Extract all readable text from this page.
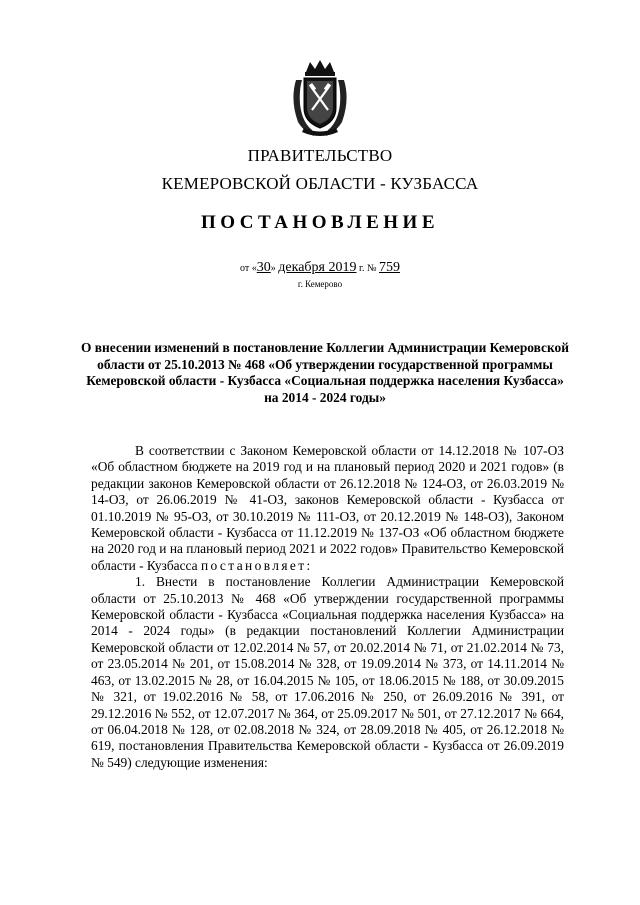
ПРАВИТЕЛЬСТВО
КЕМЕРОВСКОЙ ОБЛАСТИ - КУЗБАССА
ПОСТАНОВЛЕНИЕ
от «30» декабря 2019 г. № 759
г. Кемерово
О внесении изменений в постановление Коллегии Администрации Кемеровской области от 25.10.2013 № 468 «Об утверждении государственной программы Кемеровской области - Кузбасса «Социальная поддержка населения Кузбасса» на 2014 - 2024 годы»

В соответствии с Законом Кемеровской области от 14.12.2018 № 107-ОЗ «Об областном бюджете на 2019 год и на плановый период 2020 и 2021 годов» (в редакции законов Кемеровской области от 26.12.2018 № 124-ОЗ, от 26.03.2019 № 14-ОЗ, от 26.06.2019 № 41-ОЗ, законов Кемеровской области - Кузбасса от 01.10.2019 № 95-ОЗ, от 30.10.2019 № 111-ОЗ, от 20.12.2019 № 148-ОЗ), Законом Кемеровской области - Кузбасса от 11.12.2019 № 137-ОЗ «Об областном бюджете на 2020 год и на плановый период 2021 и 2022 годов» Правительство Кемеровской области - Кузбасса постановляет:

1. Внести в постановление Коллегии Администрации Кемеровской области от 25.10.2013 № 468 «Об утверждении государственной программы Кемеровской области - Кузбасса «Социальная поддержка населения Кузбасса» на 2014 - 2024 годы» (в редакции постановлений Коллегии Администрации Кемеровской области от 12.02.2014 № 57, от 20.02.2014 № 71, от 21.02.2014 № 73, от 23.05.2014 № 201, от 15.08.2014 № 328, от 19.09.2014 № 373, от 14.11.2014 № 463, от 13.02.2015 № 28, от 16.04.2015 № 105, от 18.06.2015 № 188, от 30.09.2015 № 321, от 19.02.2016 № 58, от 17.06.2016 № 250, от 26.09.2016 № 391, от 29.12.2016 № 552, от 12.07.2017 № 364, от 25.09.2017 № 501, от 27.12.2017 № 664, от 06.04.2018 № 128, от 02.08.2018 № 324, от 28.09.2018 № 405, от 26.12.2018 № 619, постановления Правительства Кемеровской области - Кузбасса от 26.09.2019 № 549) следующие изменения:
